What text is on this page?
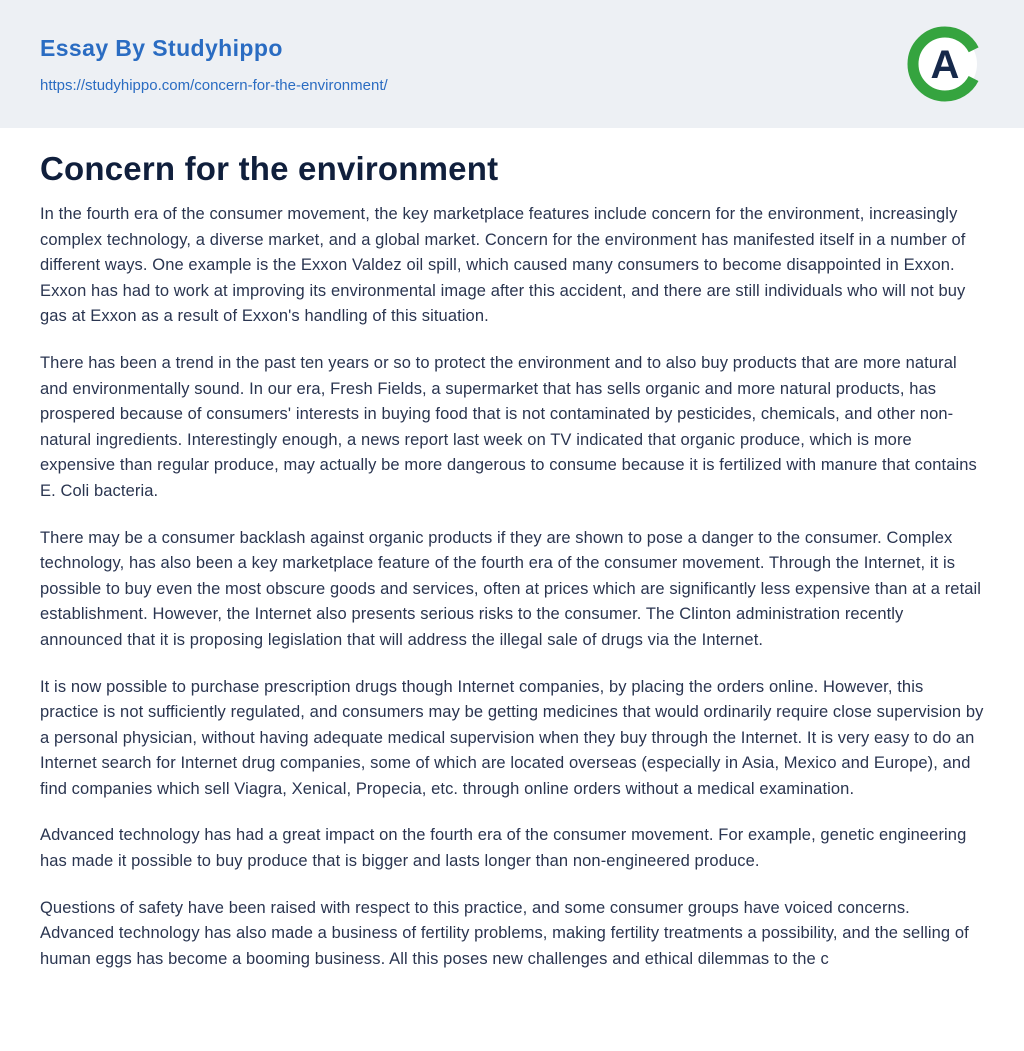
Essay By Studyhippo
https://studyhippo.com/concern-for-the-environment/	A
Concern for the environment

In the fourth era of the consumer movement, the key marketplace features include concern for the environment, increasingly complex technology, a diverse market, and a global market. Concern for the environment has manifested itself in a number of different ways. One example is the Exxon Valdez oil spill, which caused many consumers to become disappointed in Exxon. Exxon has had to work at improving its environmental image after this accident, and there are still individuals who will not buy gas at Exxon as a result of Exxon's handling of this situation.

There has been a trend in the past ten years or so to protect the environment and to also buy products that are more natural and environmentally sound. In our era, Fresh Fields, a supermarket that has sells organic and more natural products, has prospered because of consumers' interests in buying food that is not contaminated by pesticides, chemicals, and other non-natural ingredients. Interestingly enough, a news report last week on TV indicated that organic produce, which is more expensive than regular produce, may actually be more dangerous to consume because it is fertilized with manure that contains E. Coli bacteria.

There may be a consumer backlash against organic products if they are shown to pose a danger to the consumer. Complex technology, has also been a key marketplace feature of the fourth era of the consumer movement. Through the Internet, it is possible to buy even the most obscure goods and services, often at prices which are significantly less expensive than at a retail establishment. However, the Internet also presents serious risks to the consumer. The Clinton administration recently announced that it is proposing legislation that will address the illegal sale of drugs via the Internet.

It is now possible to purchase prescription drugs though Internet companies, by placing the orders online. However, this practice is not sufficiently regulated, and consumers may be getting medicines that would ordinarily require close supervision by a personal physician, without having adequate medical supervision when they buy through the Internet. It is very easy to do an Internet search for Internet drug companies, some of which are located overseas (especially in Asia, Mexico and Europe), and find companies which sell Viagra, Xenical, Propecia, etc. through online orders without a medical examination.

Advanced technology has had a great impact on the fourth era of the consumer movement. For example, genetic engineering has made it possible to buy produce that is bigger and lasts longer than non-engineered produce.

Questions of safety have been raised with respect to this practice, and some consumer groups have voiced concerns. Advanced technology has also made a business of fertility problems, making fertility treatments a possibility, and the selling of human eggs has become a booming business. All this poses new challenges and ethical dilemmas to the c
